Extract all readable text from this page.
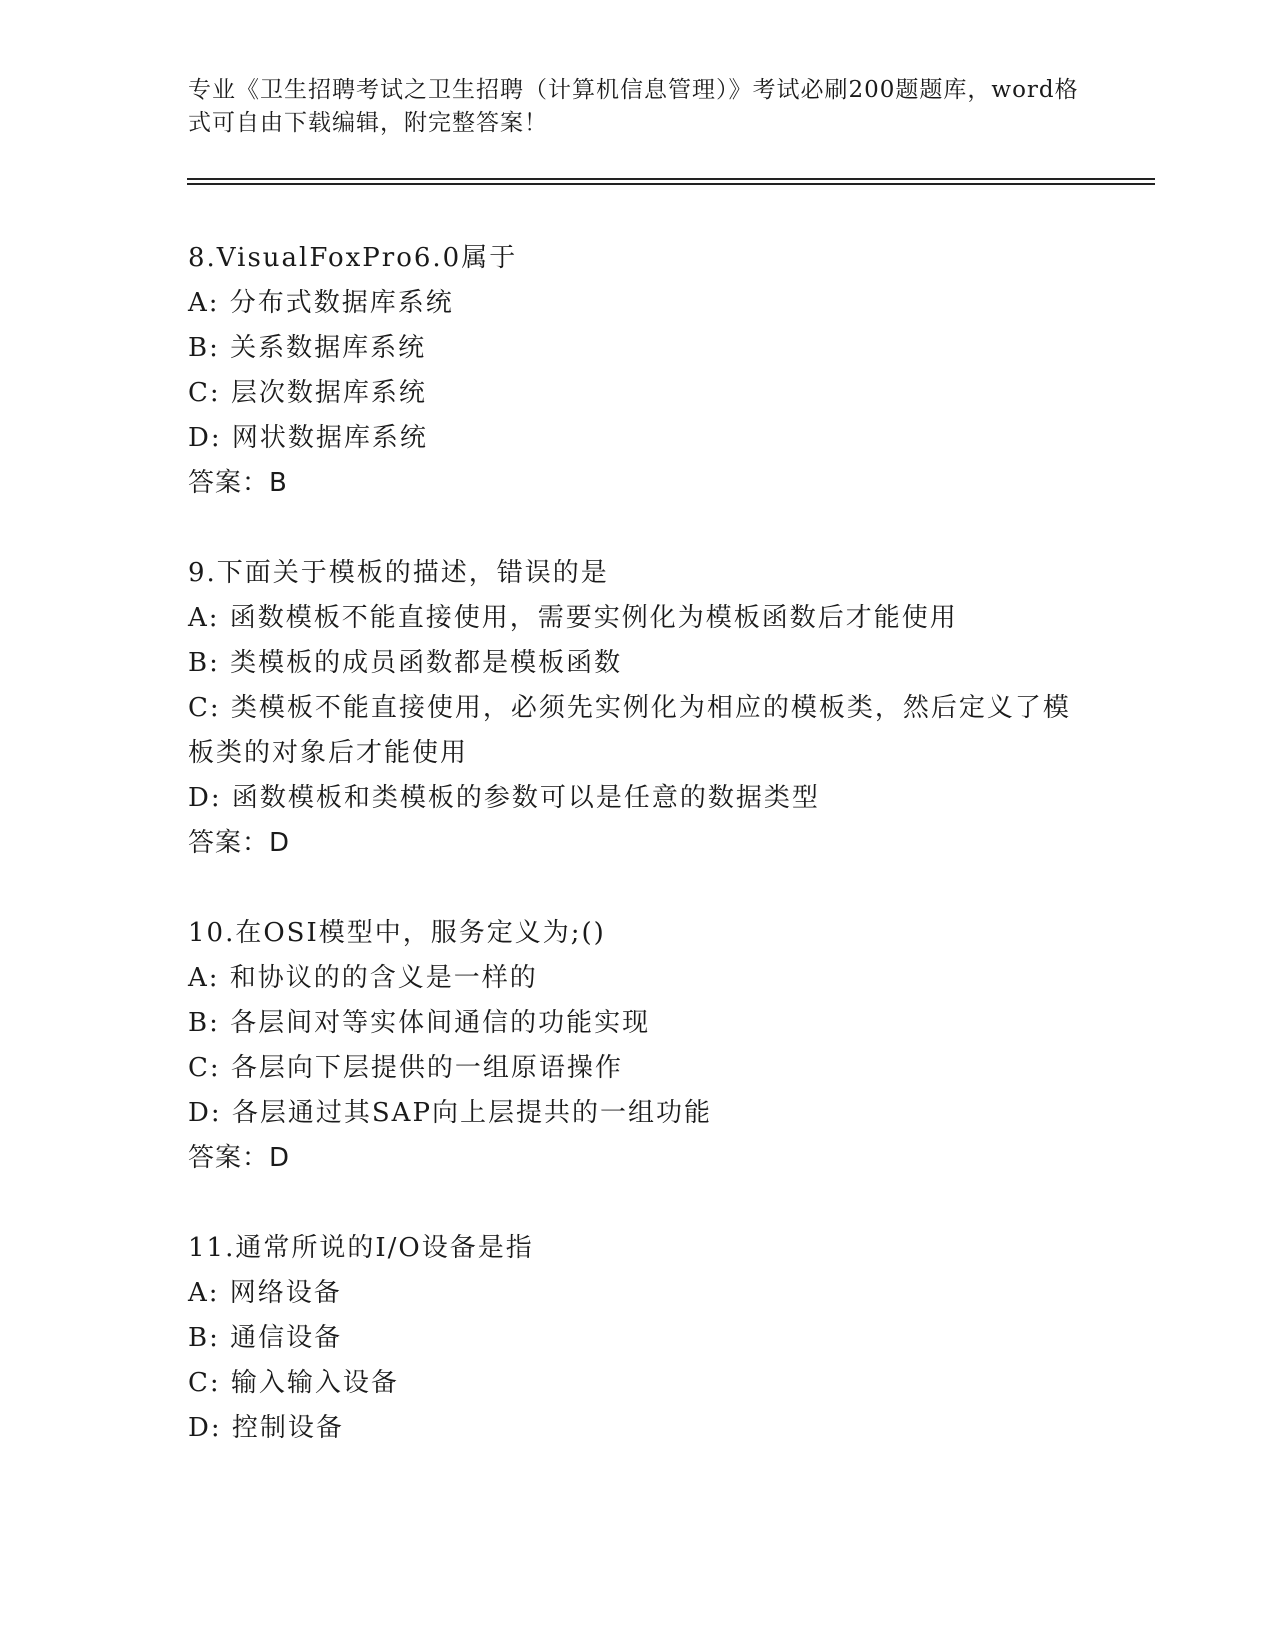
专业《卫生招聘考试之卫生招聘（计算机信息管理）》考试必刷200题题库，word格式可自由下载编辑，附完整答案！
8.VisualFoxPro6.0属于
A: 分布式数据库系统
B: 关系数据库系统
C: 层次数据库系统
D: 网状数据库系统
答案：B
9.下面关于模板的描述，错误的是
A: 函数模板不能直接使用，需要实例化为模板函数后才能使用
B: 类模板的成员函数都是模板函数
C: 类模板不能直接使用，必须先实例化为相应的模板类，然后定义了模板类的对象后才能使用
D: 函数模板和类模板的参数可以是任意的数据类型
答案：D
10.在OSI模型中，服务定义为;()
A: 和协议的的含义是一样的
B: 各层间对等实体间通信的功能实现
C: 各层向下层提供的一组原语操作
D: 各层通过其SAP向上层提共的一组功能
答案：D
11.通常所说的I/O设备是指
A: 网络设备
B: 通信设备
C: 输入输入设备
D: 控制设备
